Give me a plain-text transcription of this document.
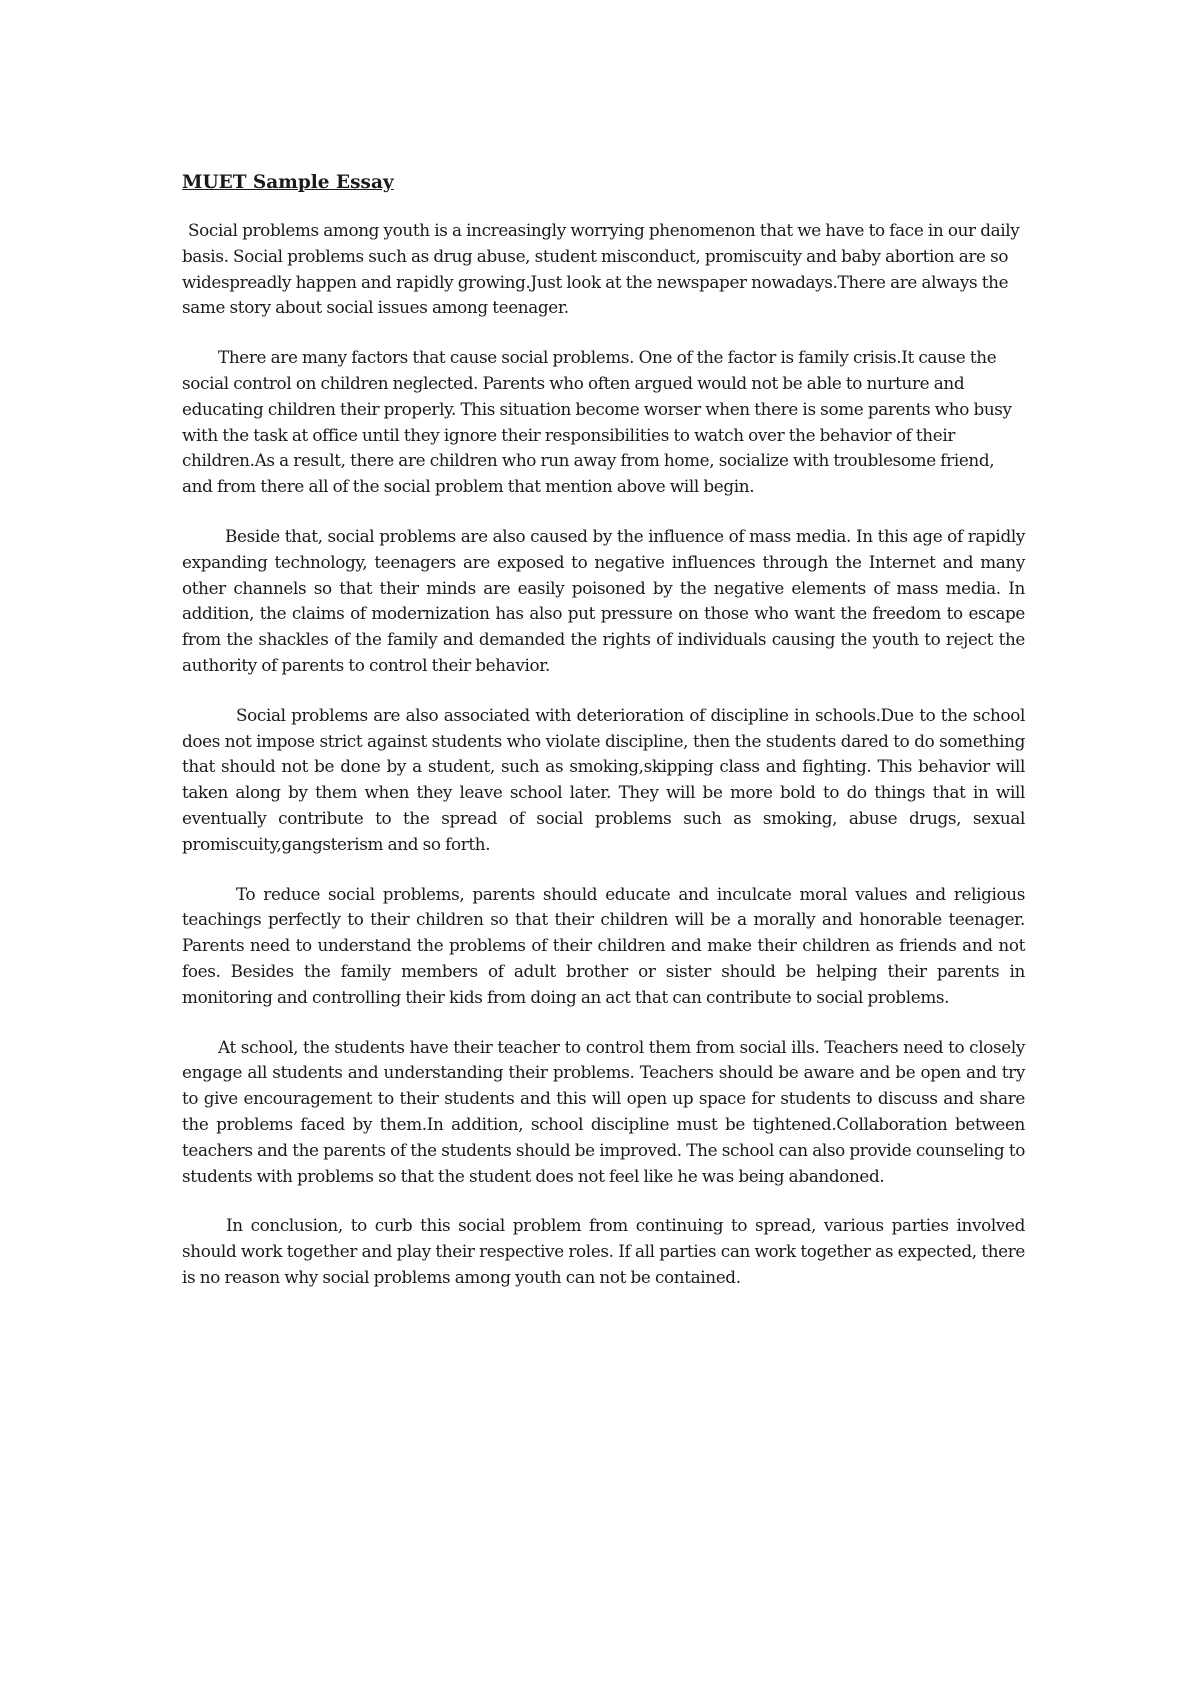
MUET Sample Essay

Social problems among youth is a increasingly worrying phenomenon that we have to face in our daily basis. Social problems such as drug abuse, student misconduct, promiscuity and baby abortion are so widespreadly happen and rapidly growing.Just look at the newspaper nowadays.There are always the same story about social issues among teenager.

There are many factors that cause social problems. One of the factor is family crisis.It cause the social control on children neglected. Parents who often argued would not be able to nurture and educating children their properly. This situation become worser when there is some parents who busy with the task at office until they ignore their responsibilities to watch over the behavior of their children.As a result, there are children who run away from home, socialize with troublesome friend, and from there all of the social problem that mention above will begin.

Beside that, social problems are also caused by the influence of mass media. In this age of rapidly expanding technology, teenagers are exposed to negative influences through the Internet and many other channels so that their minds are easily poisoned by the negative elements of mass media. In addition, the claims of modernization has also put pressure on those who want the freedom to escape from the shackles of the family and demanded the rights of individuals causing the youth to reject the authority of parents to control their behavior.

Social problems are also associated with deterioration of discipline in schools.Due to the school does not impose strict against students who violate discipline, then the students dared to do something that should not be done by a student, such as smoking,skipping class and fighting. This behavior will taken along by them when they leave school later. They will be more bold to do things that in will eventually contribute to the spread of social problems such as smoking, abuse drugs, sexual promiscuity,gangsterism and so forth.

To reduce social problems, parents should educate and inculcate moral values and religious teachings perfectly to their children so that their children will be a morally and honorable teenager. Parents need to understand the problems of their children and make their children as friends and not foes. Besides the family members of adult brother or sister should be helping their parents in monitoring and controlling their kids from doing an act that can contribute to social problems.

At school, the students have their teacher to control them from social ills. Teachers need to closely engage all students and understanding their problems. Teachers should be aware and be open and try to give encouragement to their students and this will open up space for students to discuss and share the problems faced by them.In addition, school discipline must be tightened.Collaboration between teachers and the parents of the students should be improved. The school can also provide counseling to students with problems so that the student does not feel like he was being abandoned.

In conclusion, to curb this social problem from continuing to spread, various parties involved should work together and play their respective roles. If all parties can work together as expected, there is no reason why social problems among youth can not be contained.
